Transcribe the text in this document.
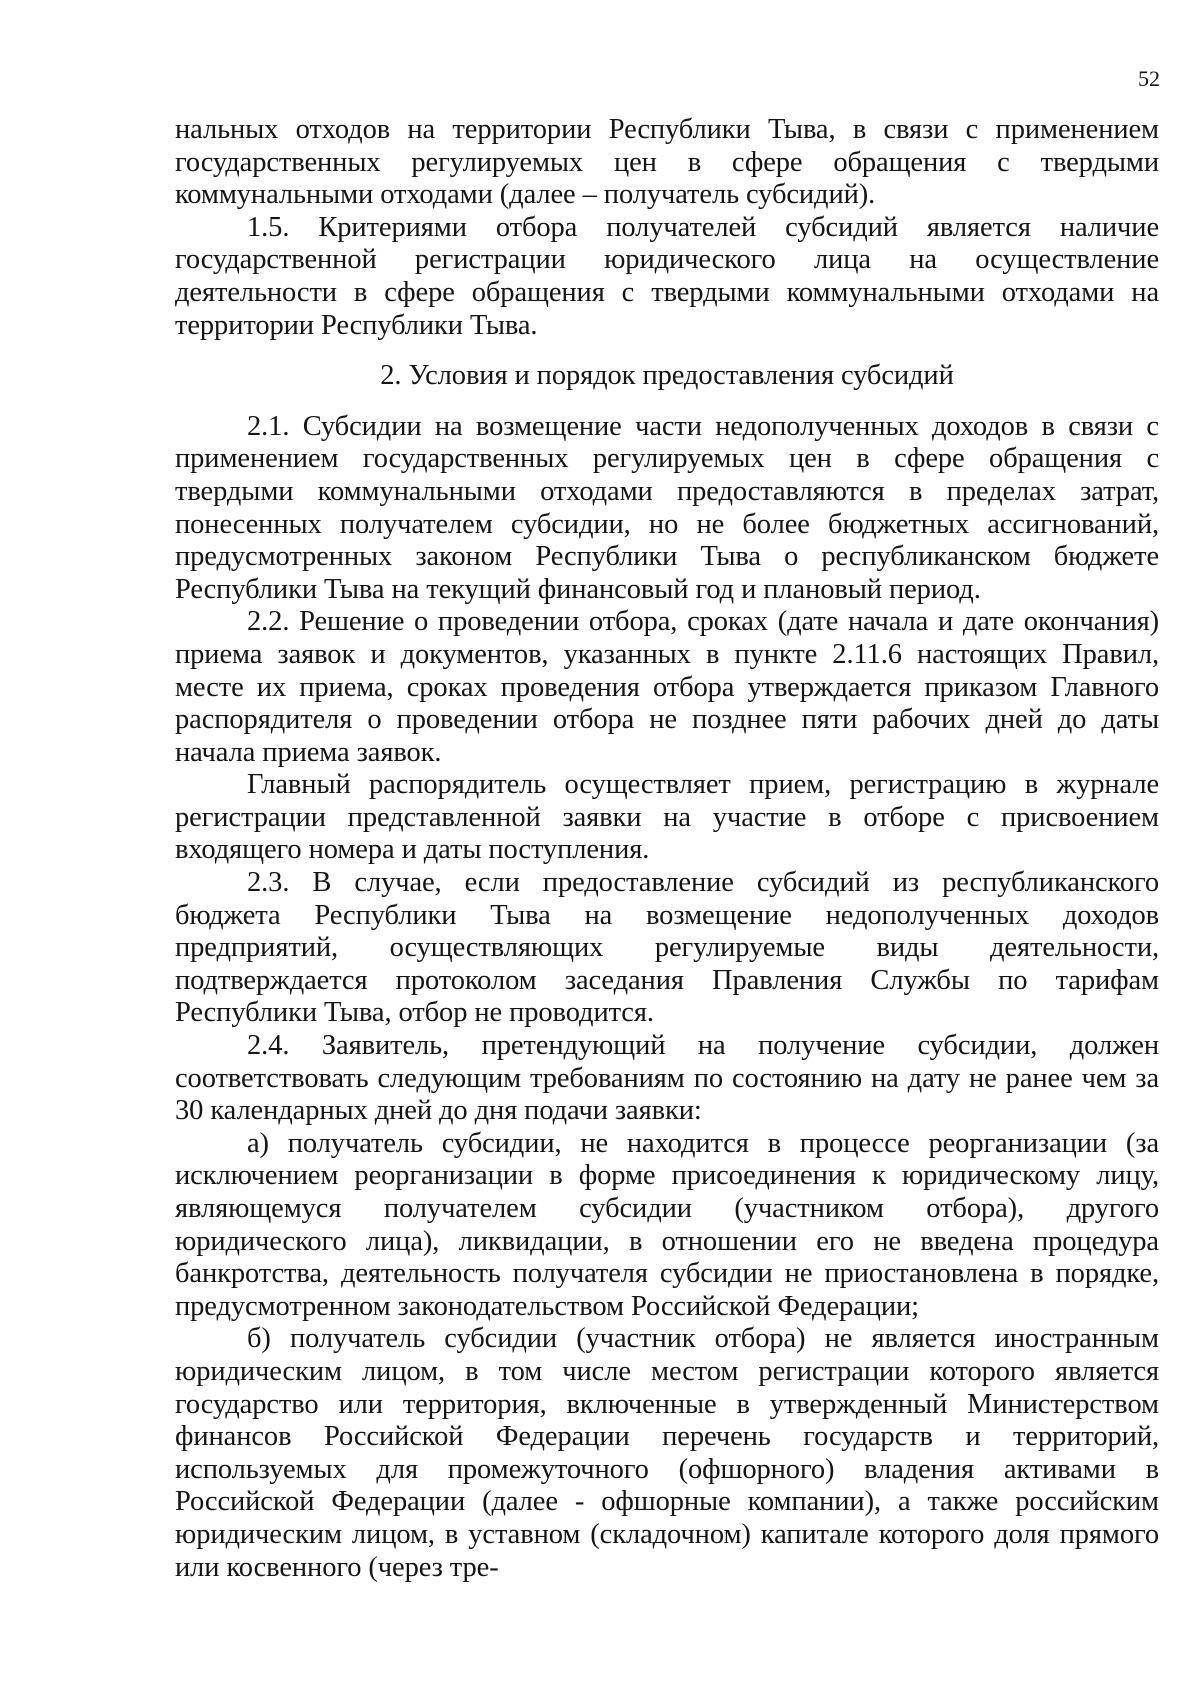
52

нальных отходов на территории Республики Тыва, в связи с применением государственных регулируемых цен в сфере обращения с твердыми коммунальными отходами (далее – получатель субсидий).

1.5. Критериями отбора получателей субсидий является наличие государственной регистрации юридического лица на осуществление деятельности в сфере обращения с твердыми коммунальными отходами на территории Республики Тыва.

2. Условия и порядок предоставления субсидий

2.1. Субсидии на возмещение части недополученных доходов в связи с применением государственных регулируемых цен в сфере обращения с твердыми коммунальными отходами предоставляются в пределах затрат, понесенных получателем субсидии, но не более бюджетных ассигнований, предусмотренных законом Республики Тыва о республиканском бюджете Республики Тыва на текущий финансовый год и плановый период.

2.2. Решение о проведении отбора, сроках (дате начала и дате окончания) приема заявок и документов, указанных в пункте 2.11.6 настоящих Правил, месте их приема, сроках проведения отбора утверждается приказом Главного распорядителя о проведении отбора не позднее пяти рабочих дней до даты начала приема заявок.

Главный распорядитель осуществляет прием, регистрацию в журнале регистрации представленной заявки на участие в отборе с присвоением входящего номера и даты поступления.

2.3. В случае, если предоставление субсидий из республиканского бюджета Республики Тыва на возмещение недополученных доходов предприятий, осуществляющих регулируемые виды деятельности, подтверждается протоколом заседания Правления Службы по тарифам Республики Тыва, отбор не проводится.

2.4. Заявитель, претендующий на получение субсидии, должен соответствовать следующим требованиям по состоянию на дату не ранее чем за 30 календарных дней до дня подачи заявки:

а) получатель субсидии, не находится в процессе реорганизации (за исключением реорганизации в форме присоединения к юридическому лицу, являющемуся получателем субсидии (участником отбора), другого юридического лица), ликвидации, в отношении его не введена процедура банкротства, деятельность получателя субсидии не приостановлена в порядке, предусмотренном законодательством Российской Федерации;

б) получатель субсидии (участник отбора) не является иностранным юридическим лицом, в том числе местом регистрации которого является государство или территория, включенные в утвержденный Министерством финансов Российской Федерации перечень государств и территорий, используемых для промежуточного (офшорного) владения активами в Российской Федерации (далее - офшорные компании), а также российским юридическим лицом, в уставном (складочном) капитале которого доля прямого или косвенного (через тре-
